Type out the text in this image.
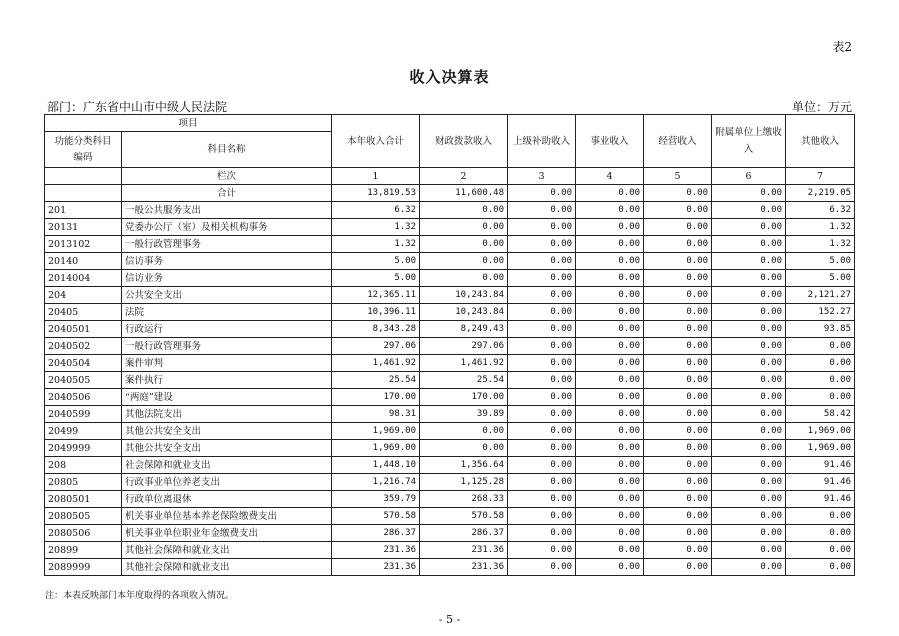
表2
收入决算表
部门：广东省中山市中级人民法院	单位：万元
项目		本年收入合计	财政拨款收入	上级补助收入	事业收入	经营收入	附属单位上缴收入	其他收入
功能分类科目
编码	科目名称							
	栏次	1	2	3	4	5	6	7
	合计	13,819.53	11,600.48	0.00	0.00	0.00	0.00	2,219.05
201	一般公共服务支出	6.32	0.00	0.00	0.00	0.00	0.00	6.32
20131	党委办公厅（室）及相关机构事务	1.32	0.00	0.00	0.00	0.00	0.00	1.32
2013102	一般行政管理事务	1.32	0.00	0.00	0.00	0.00	0.00	1.32
20140	信访事务	5.00	0.00	0.00	0.00	0.00	0.00	5.00
2014004	信访业务	5.00	0.00	0.00	0.00	0.00	0.00	5.00
204	公共安全支出	12,365.11	10,243.84	0.00	0.00	0.00	0.00	2,121.27
20405	法院	10,396.11	10,243.84	0.00	0.00	0.00	0.00	152.27
2040501	行政运行	8,343.28	8,249.43	0.00	0.00	0.00	0.00	93.85
2040502	一般行政管理事务	297.06	297.06	0.00	0.00	0.00	0.00	0.00
2040504	案件审判	1,461.92	1,461.92	0.00	0.00	0.00	0.00	0.00
2040505	案件执行	25.54	25.54	0.00	0.00	0.00	0.00	0.00
2040506	“两庭”建设	170.00	170.00	0.00	0.00	0.00	0.00	0.00
2040599	其他法院支出	98.31	39.89	0.00	0.00	0.00	0.00	58.42
20499	其他公共安全支出	1,969.00	0.00	0.00	0.00	0.00	0.00	1,969.00
2049999	其他公共安全支出	1,969.00	0.00	0.00	0.00	0.00	0.00	1,969.00
208	社会保障和就业支出	1,448.10	1,356.64	0.00	0.00	0.00	0.00	91.46
20805	行政事业单位养老支出	1,216.74	1,125.28	0.00	0.00	0.00	0.00	91.46
2080501	行政单位离退休	359.79	268.33	0.00	0.00	0.00	0.00	91.46
2080505	机关事业单位基本养老保险缴费支出	570.58	570.58	0.00	0.00	0.00	0.00	0.00
2080506	机关事业单位职业年金缴费支出	286.37	286.37	0.00	0.00	0.00	0.00	0.00
20899	其他社会保障和就业支出	231.36	231.36	0.00	0.00	0.00	0.00	0.00
2089999	其他社会保障和就业支出	231.36	231.36	0.00	0.00	0.00	0.00	0.00
注：本表反映部门本年度取得的各项收入情况。
- 5 -
